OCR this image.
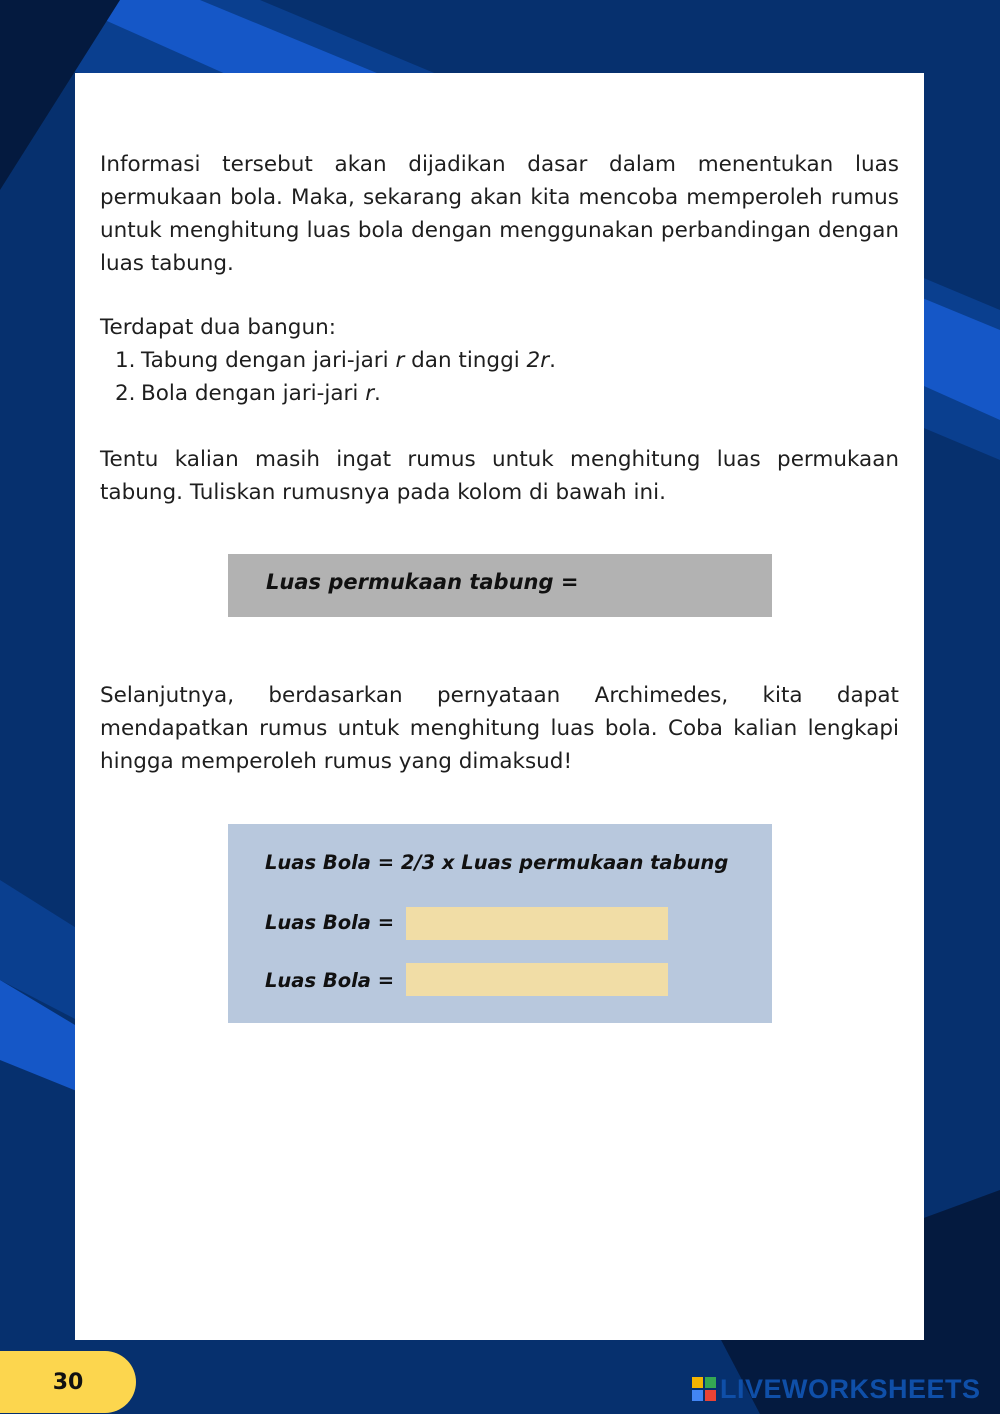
Informasi tersebut akan dijadikan dasar dalam menentukan luas permukaan bola. Maka, sekarang akan kita mencoba memperoleh rumus untuk menghitung luas bola dengan menggunakan perbandingan dengan luas tabung.

Terdapat dua bangun:

1. Tabung dengan jari-jari r dan tinggi 2r.
2. Bola dengan jari-jari r.

Tentu kalian masih ingat rumus untuk menghitung luas permukaan tabung. Tuliskan rumusnya pada kolom di bawah ini.

Luas permukaan tabung =

Selanjutnya, berdasarkan pernyataan Archimedes, kita dapat mendapatkan rumus untuk menghitung luas bola. Coba kalian lengkapi hingga memperoleh rumus yang dimaksud!

Luas Bola = 2/3 x Luas permukaan tabung
Luas Bola =
Luas Bola =
30	LIVEWORKSHEETS
